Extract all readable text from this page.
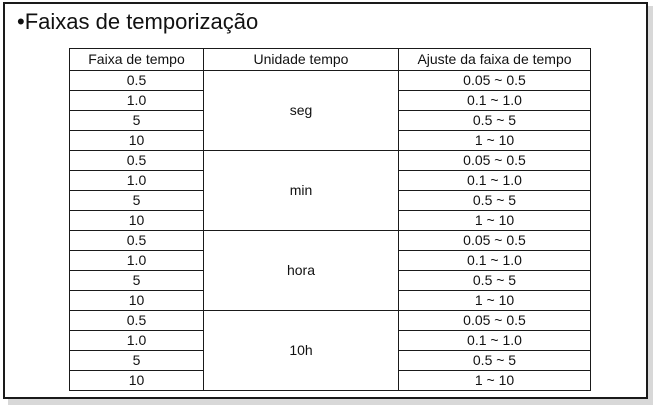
•Faixas de temporização
Faixa de tempo	Unidade tempo	Ajuste da faixa de tempo
0.5	seg	0.05 ~ 0.5
1.0		0.1 ~ 1.0
5		0.5 ~ 5
10		1 ~ 10
0.5	min	0.05 ~ 0.5
1.0		0.1 ~ 1.0
5		0.5 ~ 5
10		1 ~ 10
0.5	hora	0.05 ~ 0.5
1.0		0.1 ~ 1.0
5		0.5 ~ 5
10		1 ~ 10
0.5	10h	0.05 ~ 0.5
1.0		0.1 ~ 1.0
5		0.5 ~ 5
10		1 ~ 10
